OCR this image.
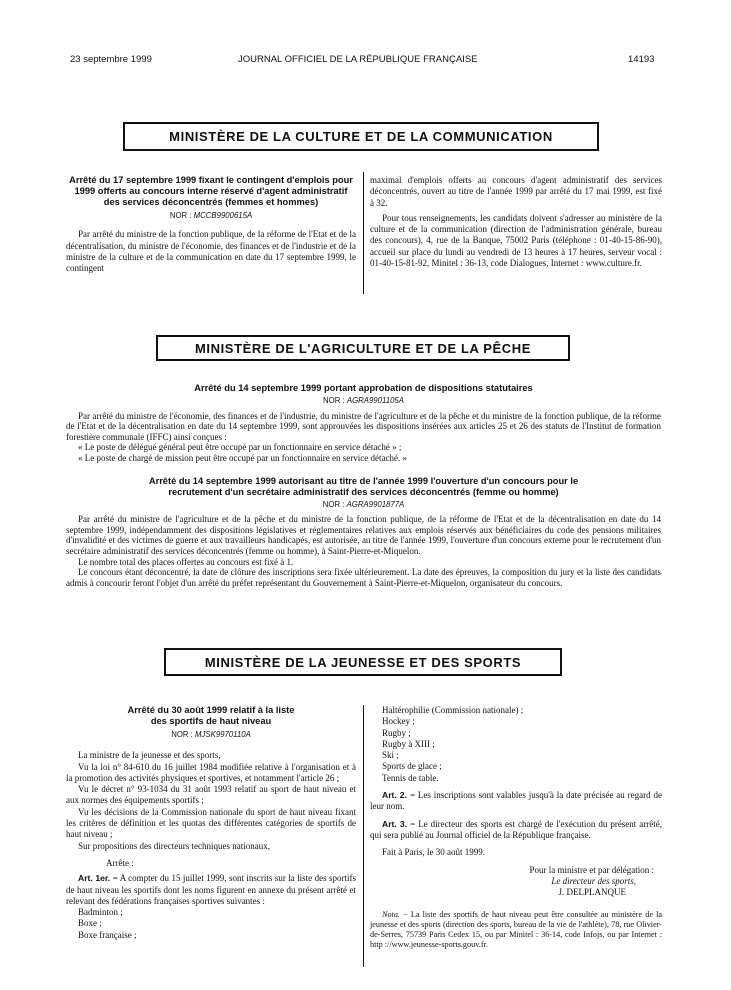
23 septembre 1999	JOURNAL OFFICIEL DE LA RÉPUBLIQUE FRANÇAISE	14193
MINISTÈRE DE LA CULTURE ET DE LA COMMUNICATION
Arrêté du 17 septembre 1999 fixant le contingent d'emplois pour 1999 offerts au concours interne réservé d'agent administratif des services déconcentrés (femmes et hommes)
NOR : MCCB9900615A

Par arrêté du ministre de la fonction publique, de la réforme de l'Etat et de la décentralisation, du ministre de l'économie, des finances et de l'industrie et de la ministre de la culture et de la communication en date du 17 septembre 1999, le contingent

maximal d'emplois offerts au concours d'agent administratif des services déconcentrés, ouvert au titre de l'année 1999 par arrêté du 17 mai 1999, est fixé à 32.

Pour tous renseignements, les candidats doivent s'adresser au ministère de la culture et de la communication (direction de l'administration générale, bureau des concours), 4, rue de la Banque, 75002 Paris (téléphone : 01-40-15-86-90), accueil sur place du lundi au vendredi de 13 heures à 17 heures, serveur vocal : 01-40-15-81-92, Minitel : 36-13, code Dialogues, Internet : www.culture.fr.

MINISTÈRE DE L'AGRICULTURE ET DE LA PÊCHE
Arrêté du 14 septembre 1999 portant approbation de dispositions statutaires
NOR : AGRA9901105A

Par arrêté du ministre de l'économie, des finances et de l'industrie, du ministre de l'agriculture et de la pêche et du ministre de la fonction publique, de la réforme de l'Etat et de la décentralisation en date du 14 septembre 1999, sont approuvées les dispositions insérées aux articles 25 et 26 des statuts de l'Institut de formation forestière communale (IFFC) ainsi conçues :

« Le poste de délégué général peut être occupé par un fonctionnaire en service détaché » ;

« Le poste de chargé de mission peut être occupé par un fonctionnaire en service détaché. »

Arrêté du 14 septembre 1999 autorisant au titre de l'année 1999 l'ouverture d'un concours pour le recrutement d'un secrétaire administratif des services déconcentrés (femme ou homme)
NOR : AGRA9901877A

Par arrêté du ministre de l'agriculture et de la pêche et du ministre de la fonction publique, de la réforme de l'Etat et de la décentralisation en date du 14 septembre 1999, indépendamment des dispositions législatives et réglementaires relatives aux emplois réservés aux bénéficiaires du code des pensions militaires d'invalidité et des victimes de guerre et aux travailleurs handicapés, est autorisée, au titre de l'année 1999, l'ouverture d'un concours externe pour le recrutement d'un secrétaire administratif des services déconcentrés (femme ou homme), à Saint-Pierre-et-Miquelon.

Le nombre total des places offertes au concours est fixé à 1.

Le concours étant déconcentré, la date de clôture des inscriptions sera fixée ultérieurement. La date des épreuves, la composition du jury et la liste des candidats admis à concourir feront l'objet d'un arrêté du préfet représentant du Gouvernement à Saint-Pierre-et-Miquelon, organisateur du concours.

MINISTÈRE DE LA JEUNESSE ET DES SPORTS
Arrêté du 30 août 1999 relatif à la liste des sportifs de haut niveau
NOR : MJSK9970110A

La ministre de la jeunesse et des sports,

Vu la loi n° 84-610 du 16 juillet 1984 modifiée relative à l'organisation et à la promotion des activités physiques et sportives, et notamment l'article 26 ;

Vu le décret n° 93-1034 du 31 août 1993 relatif au sport de haut niveau et aux normes des équipements sportifs ;

Vu les décisions de la Commission nationale du sport de haut niveau fixant les critères de définition et les quotas des différentes catégories de sportifs de haut niveau ;

Sur propositions des directeurs techniques nationaux,

Arrête :

Art. 1er. − A compter du 15 juillet 1999, sont inscrits sur la liste des sportifs de haut niveau les sportifs dont les noms figurent en annexe du présent arrêté et relevant des fédérations françaises sportives suivantes :

Badminton ;

Boxe ;

Boxe française ;

Haltérophilie (Commission nationale) ;

Hockey ;

Rugby ;

Rugby à XIII ;

Ski ;

Sports de glace ;

Tennis de table.

Art. 2. − Les inscriptions sont valables jusqu'à la date précisée au regard de leur nom.

Art. 3. − Le directeur des sports est chargé de l'exécution du présent arrêté, qui sera publié au Journal officiel de la République française.

Fait à Paris, le 30 août 1999.

Pour la ministre et par délégation :

Le directeur des sports,

J. DELPLANQUE

Nota. − La liste des sportifs de haut niveau peut être consultée au ministère de la jeunesse et des sports (direction des sports, bureau de la vie de l'athlète), 78, rue Olivier-de-Serres, 75739 Paris Cedex 15, ou par Minitel : 36-14, code Infojs, ou par Internet : http ://www.jeunesse-sports.gouv.fr.
